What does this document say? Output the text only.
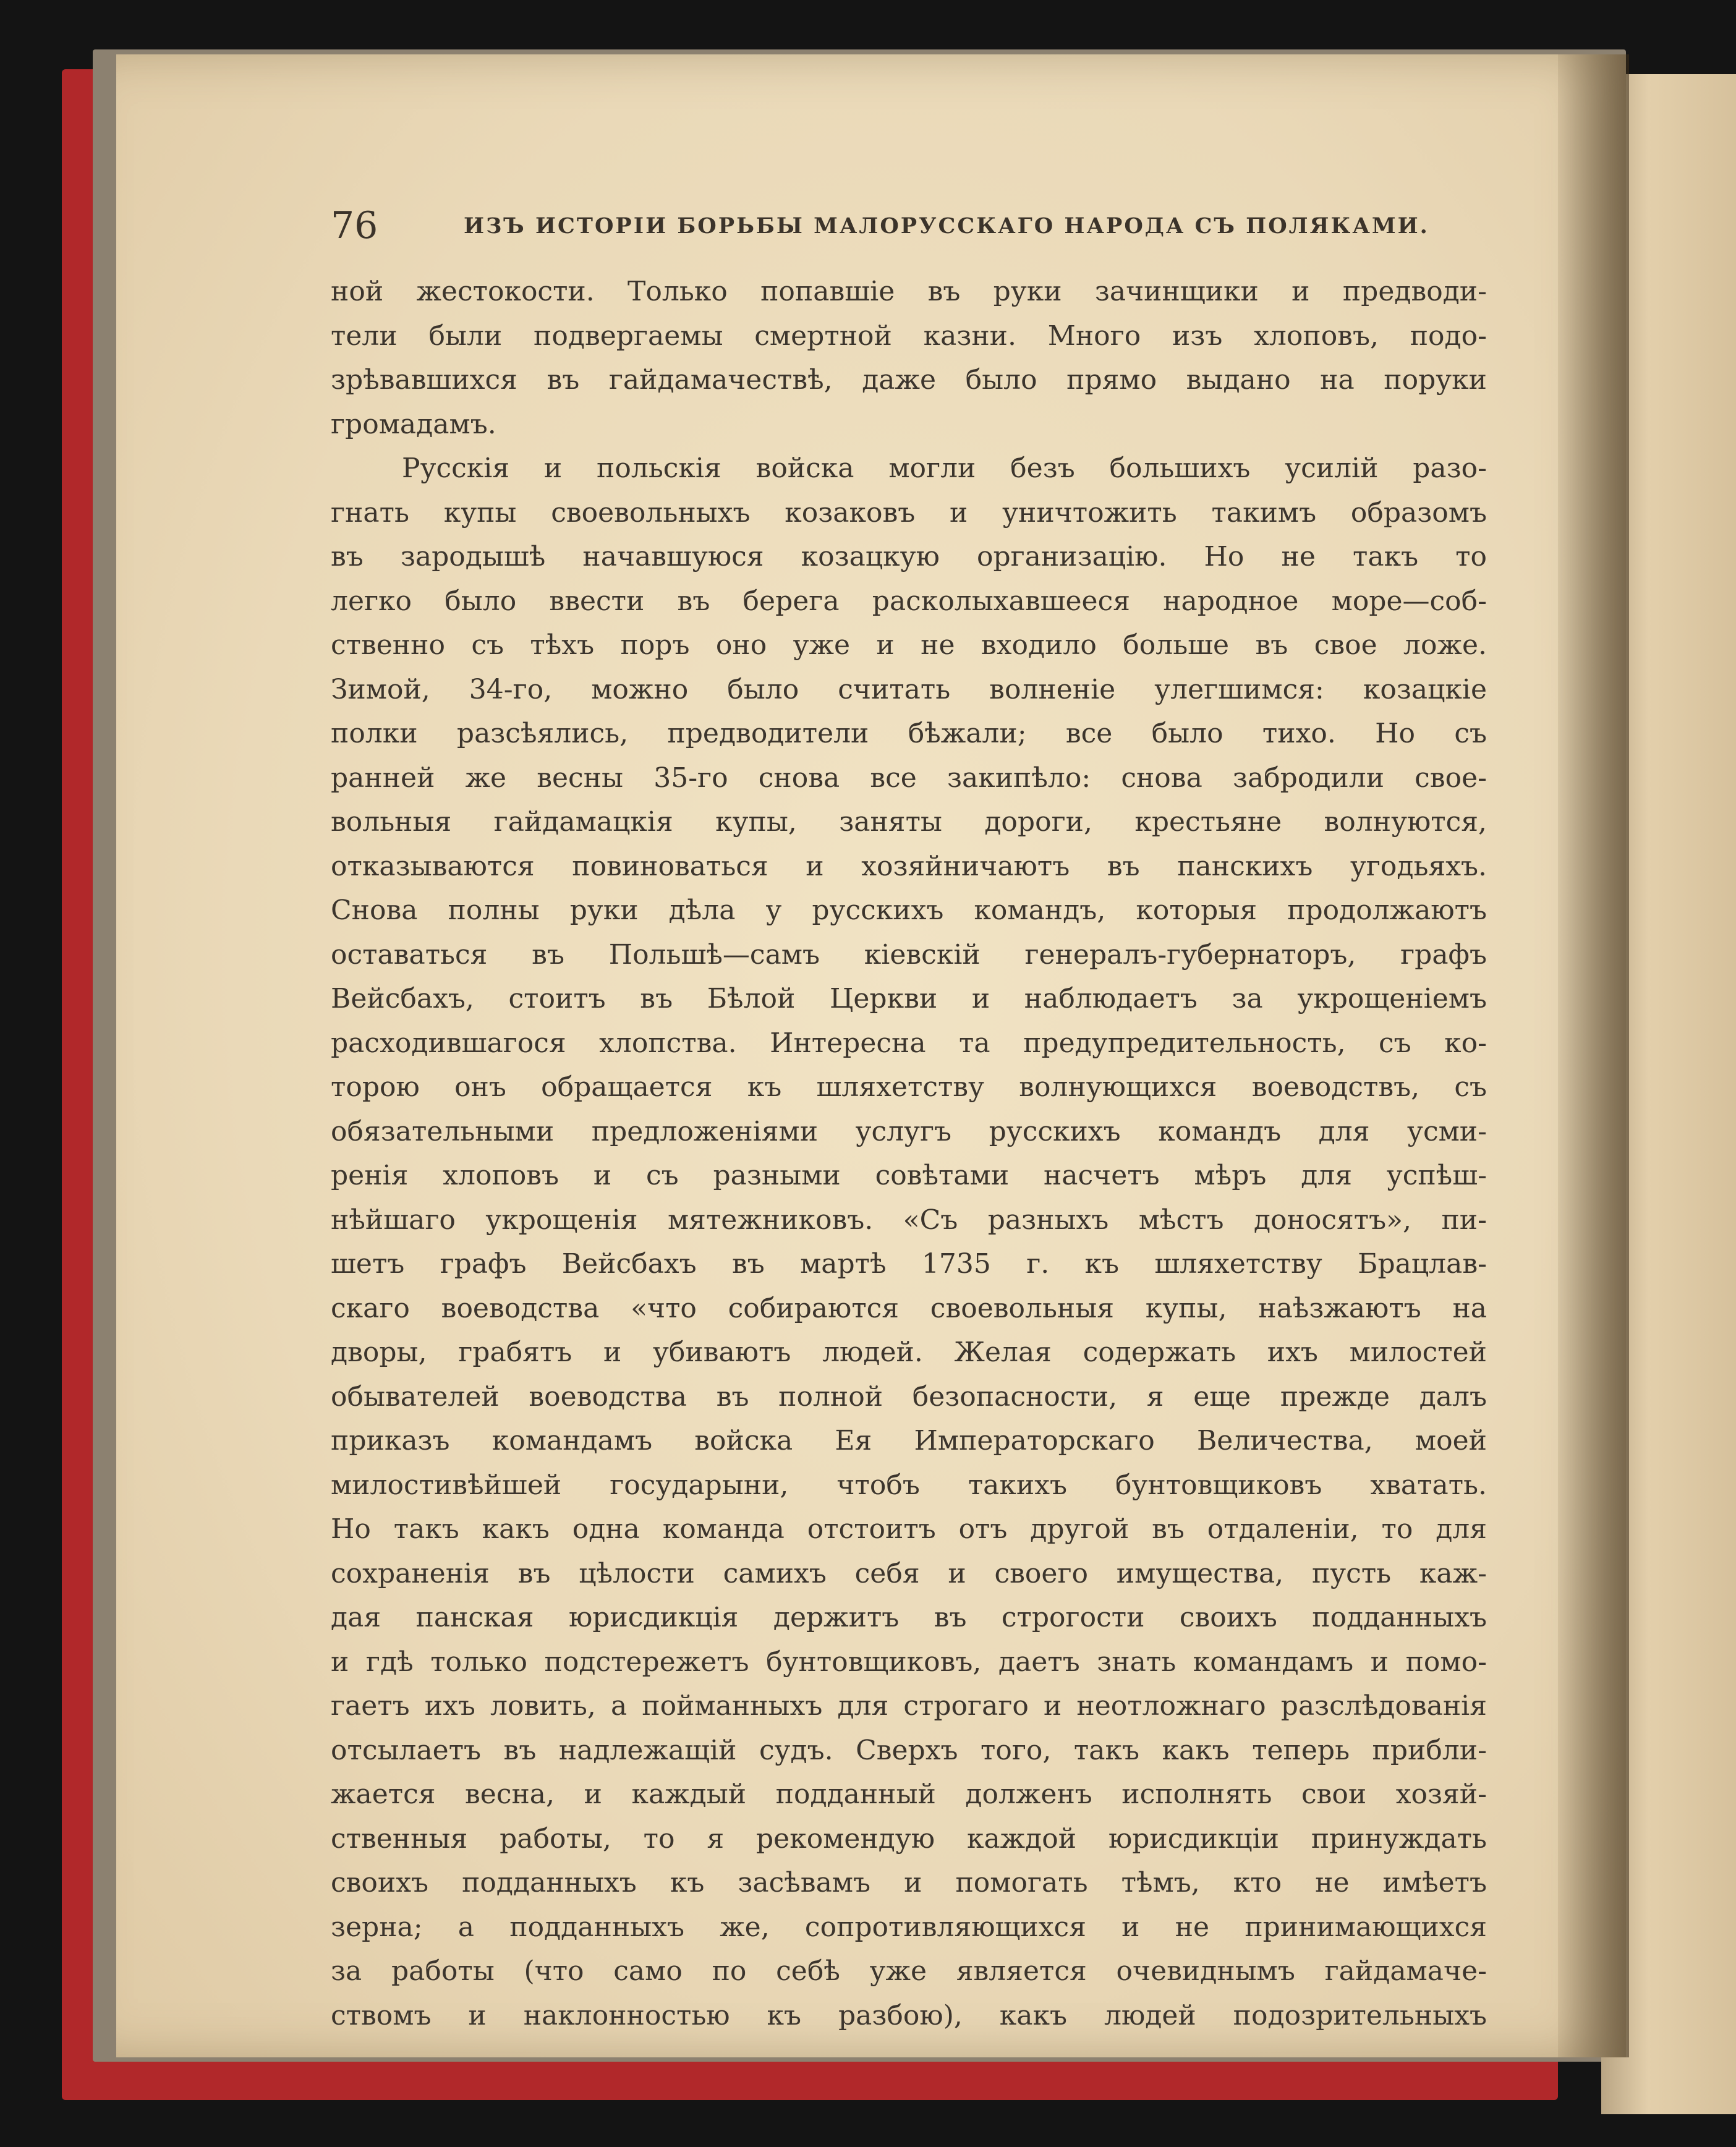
76	ИЗЪ ИСТОРІИ БОРЬБЫ МАЛОРУССКАГО НАРОДА СЪ ПОЛЯКАМИ.
ной жестокости. Только попавшіе въ руки зачинщики и предводи-
тели были подвергаемы смертной казни. Много изъ хлоповъ, подо-
зрѣвавшихся въ гайдамачествѣ, даже было прямо выдано на поруки
громадамъ.
Русскія и польскія войска могли безъ большихъ усилій разо-
гнать купы своевольныхъ козаковъ и уничтожить такимъ образомъ
въ зародышѣ начавшуюся козацкую организацію. Но не такъ то
легко было ввести въ берега расколыхавшееся народное море—соб-
ственно съ тѣхъ поръ оно уже и не входило больше въ свое ложе.
Зимой, 34-го, можно было считать волненіе улегшимся: козацкіе
полки разсѣялись, предводители бѣжали; все было тихо. Но съ
ранней же весны 35-го снова все закипѣло: снова забродили свое-
вольныя гайдамацкія купы, заняты дороги, крестьяне волнуются,
отказываются повиноваться и хозяйничаютъ въ панскихъ угодьяхъ.
Снова полны руки дѣла у русскихъ командъ, которыя продолжаютъ
оставаться въ Польшѣ—самъ кіевскій генералъ-губернаторъ, графъ
Вейсбахъ, стоитъ въ Бѣлой Церкви и наблюдаетъ за укрощеніемъ
расходившагося хлопства. Интересна та предупредительность, съ ко-
торою онъ обращается къ шляхетству волнующихся воеводствъ, съ
обязательными предложеніями услугъ русскихъ командъ для усми-
ренія хлоповъ и съ разными совѣтами насчетъ мѣръ для успѣш-
нѣйшаго укрощенія мятежниковъ. «Съ разныхъ мѣстъ доносятъ», пи-
шетъ графъ Вейсбахъ въ мартѣ 1735 г. къ шляхетству Брацлав-
скаго воеводства «что собираются своевольныя купы, наѣзжаютъ на
дворы, грабятъ и убиваютъ людей. Желая содержать ихъ милостей
обывателей воеводства въ полной безопасности, я еще прежде далъ
приказъ командамъ войска Ея Императорскаго Величества, моей
милостивѣйшей государыни, чтобъ такихъ бунтовщиковъ хватать.
Но такъ какъ одна команда отстоитъ отъ другой въ отдаленіи, то для
сохраненія въ цѣлости самихъ себя и своего имущества, пусть каж-
дая панская юрисдикція держитъ въ строгости своихъ подданныхъ
и гдѣ только подстережетъ бунтовщиковъ, даетъ знать командамъ и помо-
гаетъ ихъ ловить, а пойманныхъ для строгаго и неотложнаго разслѣдованія
отсылаетъ въ надлежащій судъ. Сверхъ того, такъ какъ теперь прибли-
жается весна, и каждый подданный долженъ исполнять свои хозяй-
ственныя работы, то я рекомендую каждой юрисдикціи принуждать
своихъ подданныхъ къ засѣвамъ и помогать тѣмъ, кто не имѣетъ
зерна; а подданныхъ же, сопротивляющихся и не принимающихся
за работы (что само по себѣ уже является очевиднымъ гайдамаче-
ствомъ и наклонностью къ разбою), какъ людей подозрительныхъ
